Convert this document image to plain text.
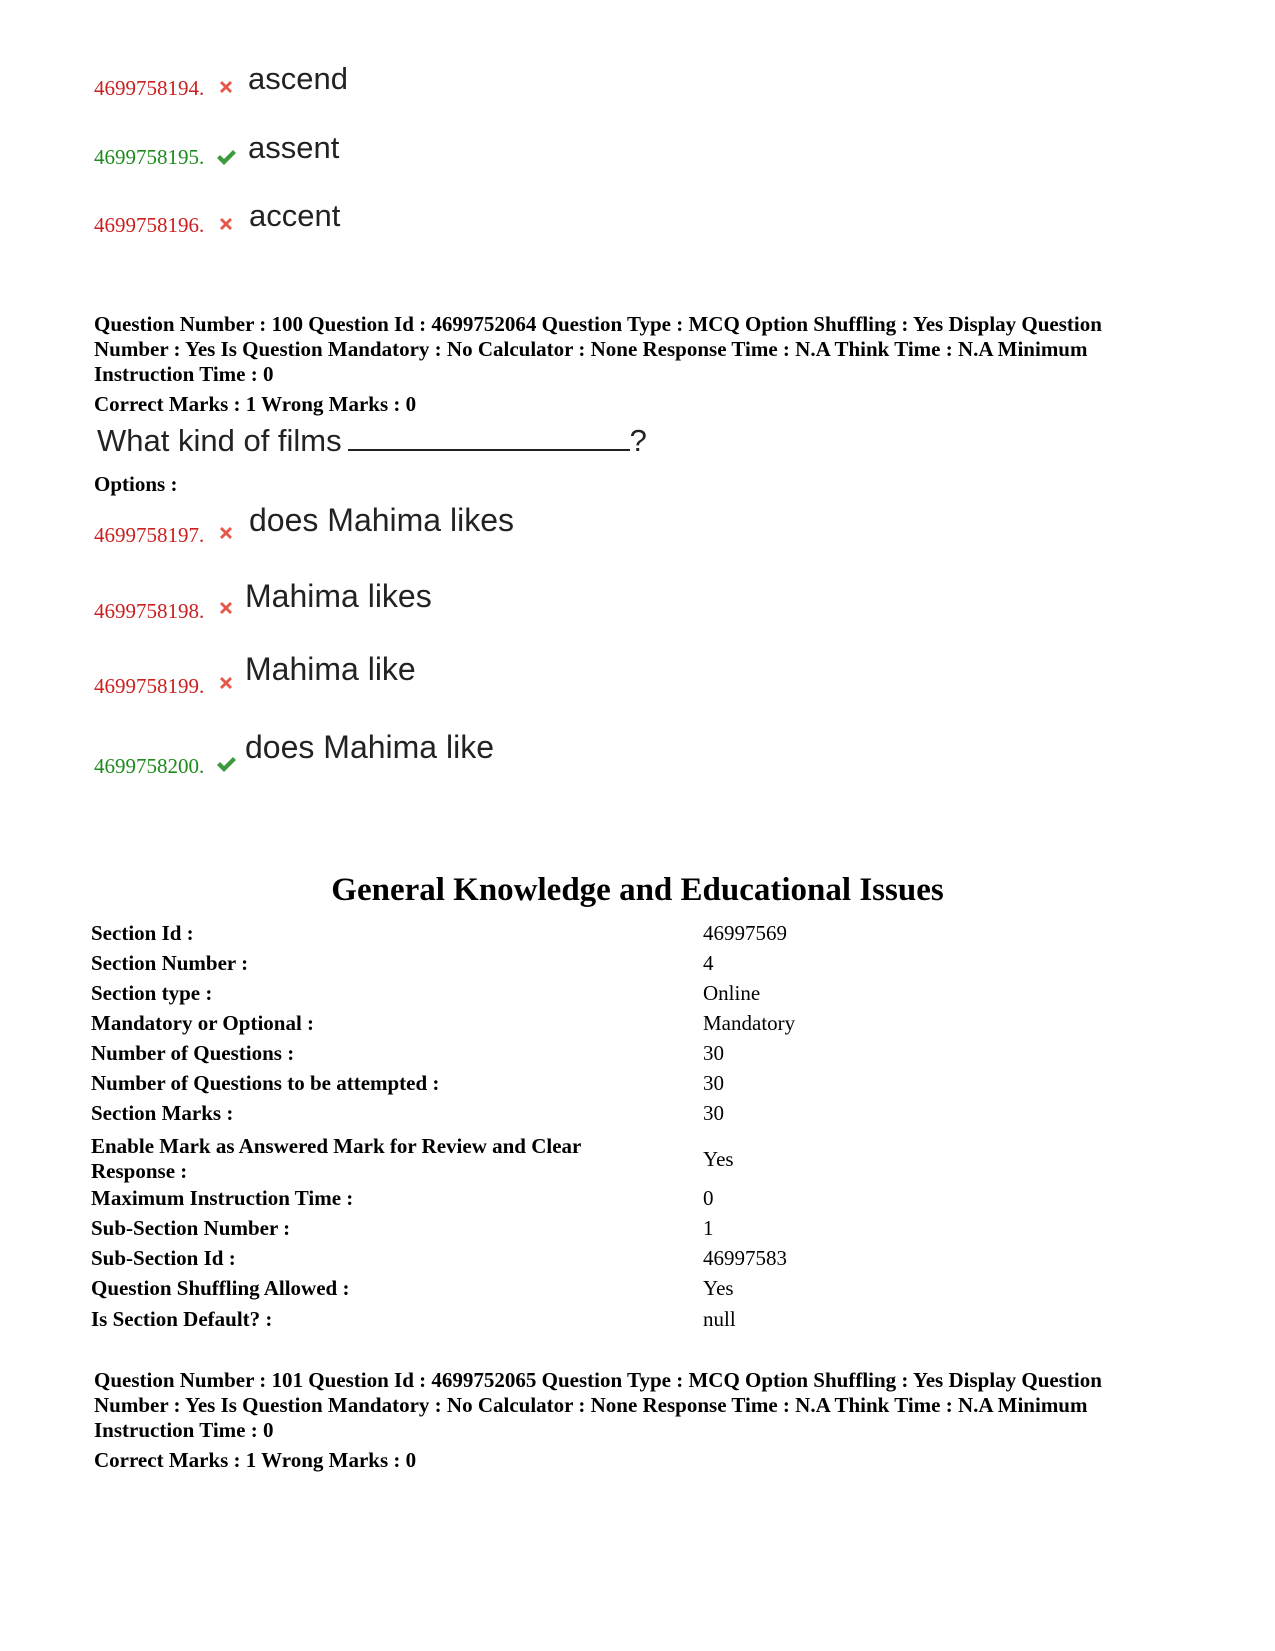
4699758194. ascend
4699758195. assent
4699758196. accent
Question Number : 100 Question Id : 4699752064 Question Type : MCQ Option Shuffling : Yes Display Question
Number : Yes Is Question Mandatory : No Calculator : None Response Time : N.A Think Time : N.A Minimum
Instruction Time : 0
Correct Marks : 1 Wrong Marks : 0
What kind of films	?
Options :
4699758197. does Mahima likes
4699758198. Mahima likes
4699758199. Mahima like
4699758200.
does Mahima like
General Knowledge and Educational Issues
Section Id :	46997569
Section Number :	4
Section type :	Online
Mandatory or Optional :	Mandatory
Number of Questions :	30
Number of Questions to be attempted :	30
Section Marks :	30
Enable Mark as Answered Mark for Review and Clear
Response :
Yes
Maximum Instruction Time :	0
Sub-Section Number :	1
Sub-Section Id :	46997583
Question Shuffling Allowed :	Yes
Is Section Default? :	null
Question Number : 101 Question Id : 4699752065 Question Type : MCQ Option Shuffling : Yes Display Question
Number : Yes Is Question Mandatory : No Calculator : None Response Time : N.A Think Time : N.A Minimum
Instruction Time : 0
Correct Marks : 1 Wrong Marks : 0
